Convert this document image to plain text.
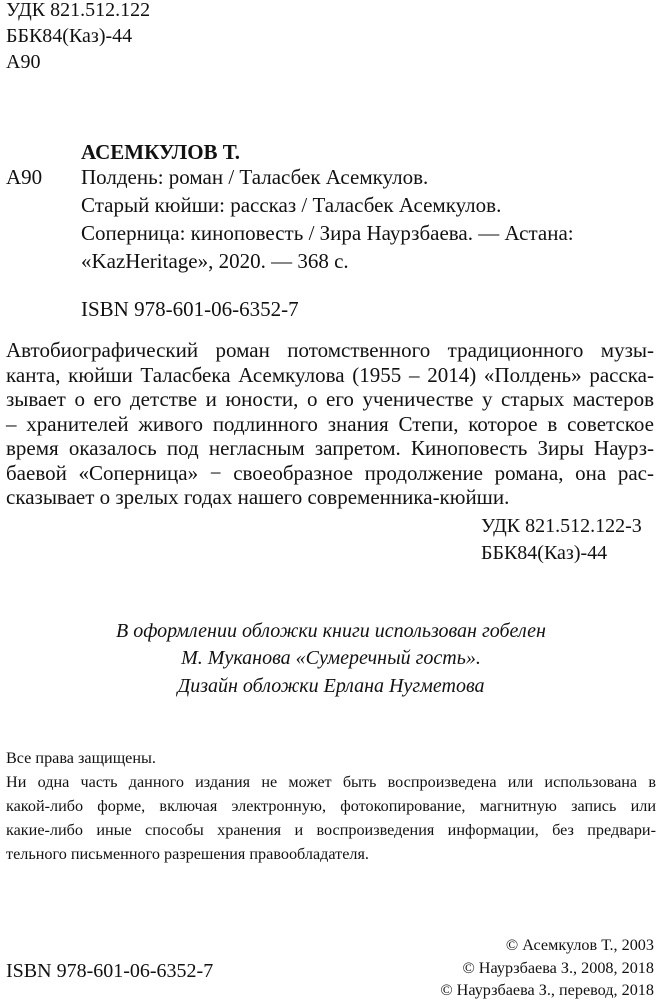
УДК 821.512.122
ББК84(Каз)-44
А90
АСЕМКУЛОВ Т.
А90 Полдень: роман / Таласбек Асемкулов.
Старый кюйши: рассказ / Таласбек Асемкулов.
Соперница: киноповесть / Зира Наурзбаева. — Астана:
«KazHeritage», 2020. — 368 с.
ISBN 978-601-06-6352-7
Автобиографический роман потомственного традиционного музы-
канта, кюйши Таласбека Асемкулова (1955 – 2014) «Полдень» расска-
зывает о его детстве и юности, о его ученичестве у старых мастеров
– хранителей живого подлинного знания Степи, которое в советское
время оказалось под негласным запретом. Киноповесть Зиры Наурз-
баевой «Соперница» − своеобразное продолжение романа, она рас-
сказывает о зрелых годах нашего современника-кюйши.
УДК 821.512.122-3
ББК84(Каз)-44
В оформлении обложки книги использован гобелен
М. Муканова «Сумеречный гость».
Дизайн обложки Ерлана Нугметова
Все права защищены.
Ни одна часть данного издания не может быть воспроизведена или использована в
какой-либо форме, включая электронную, фотокопирование, магнитную запись или
какие-либо иные способы хранения и воспроизведения информации, без предвари-
тельного письменного разрешения правообладателя.
ISBN 978-601-06-6352-7
© Асемкулов Т., 2003
© Наурзбаева З., 2008, 2018
© Наурзбаева З., перевод, 2018
